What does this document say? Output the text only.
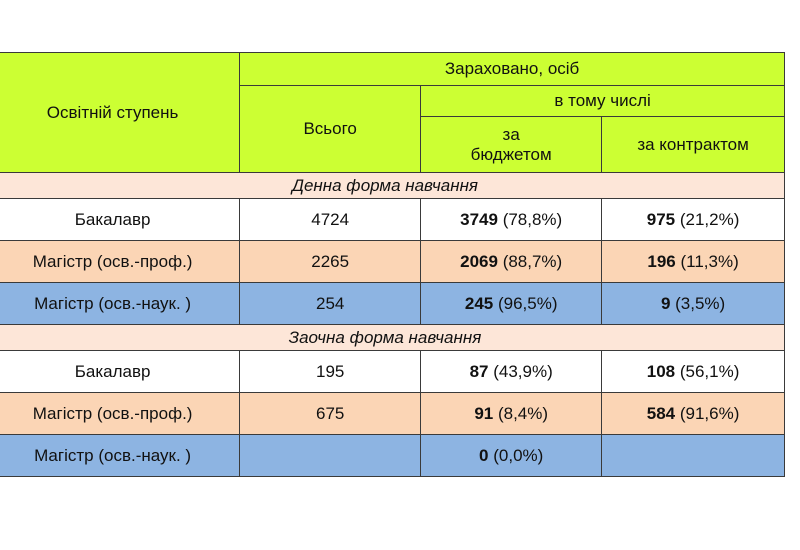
Освітній ступень	Зараховано, осіб		
	Всього	в тому числі	

		за
бюджетом	за контрактом
Денна форма навчання			
Бакалавр	4724	3749 (78,8%)	975 (21,2%)
Магістр (осв.-проф.)	2265	2069 (88,7%)	196 (11,3%)
Магістр (осв.-наук. )	254	245 (96,5%)	9 (3,5%)
Заочна форма навчання			
Бакалавр	195	87 (43,9%)	108 (56,1%)
Магістр (осв.-проф.)	675	91 (8,4%)	584 (91,6%)
Магістр (осв.-наук. )		0 (0,0%)	
